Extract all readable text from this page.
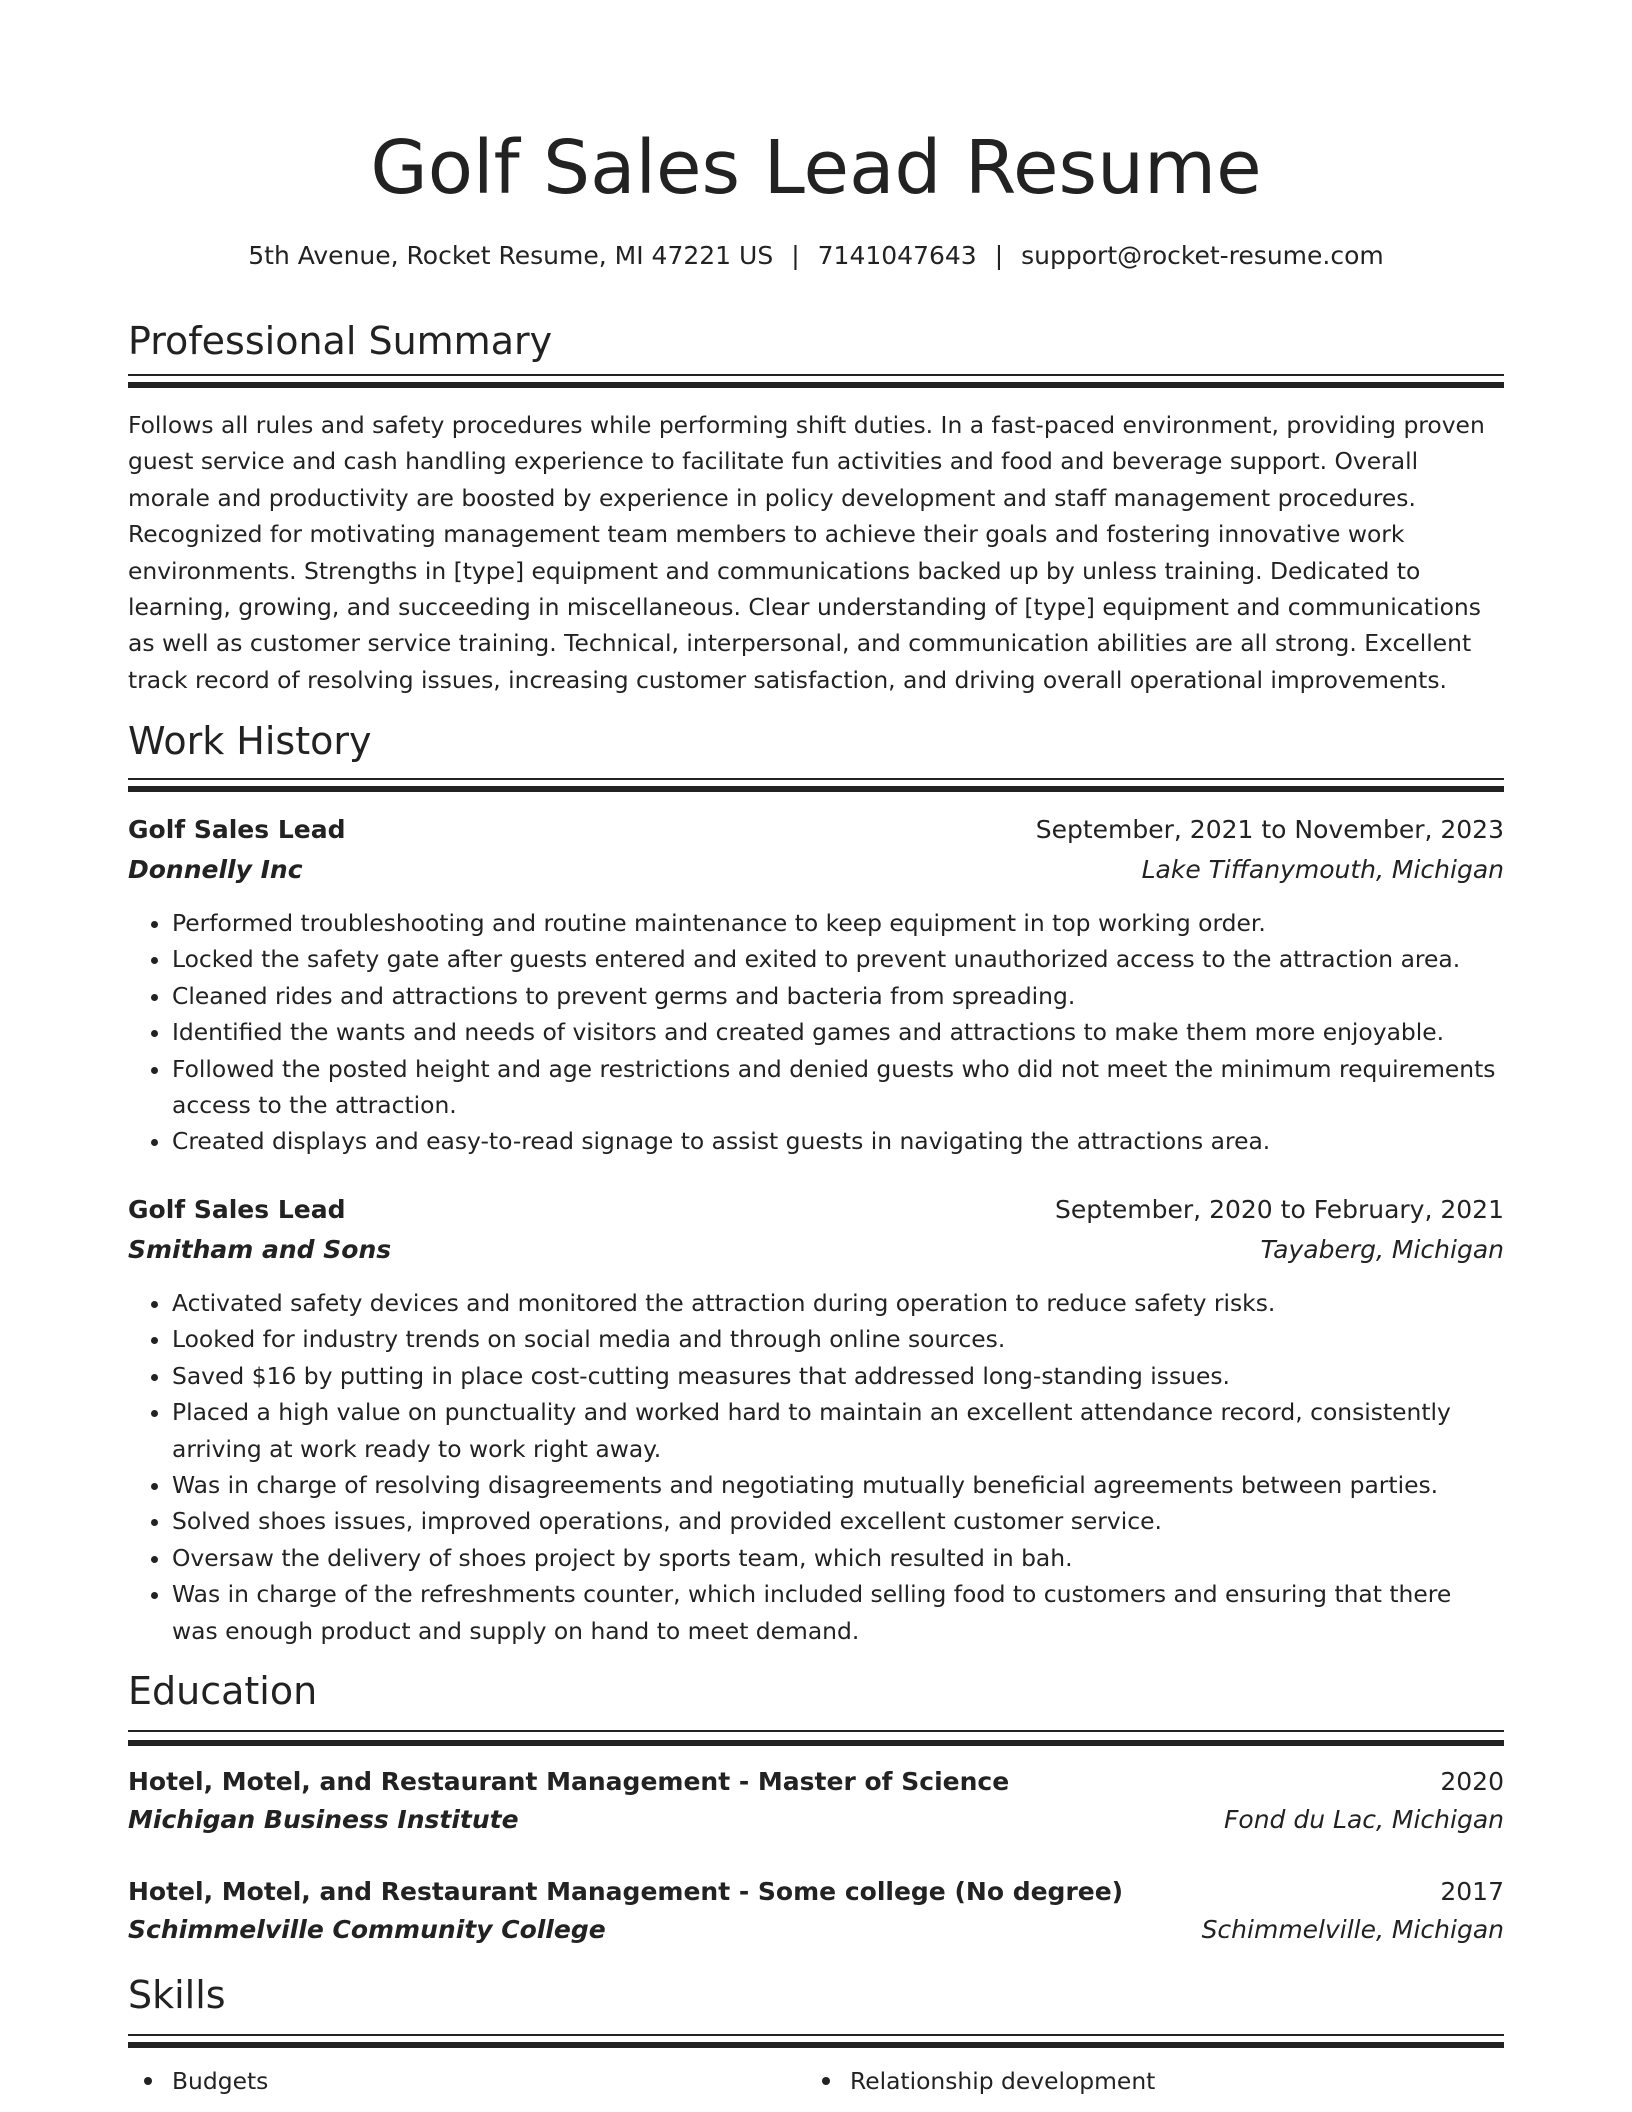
Golf Sales Lead Resume
5th Avenue, Rocket Resume, MI 47221 US | 7141047643 | support@rocket-resume.com
Professional Summary

Follows all rules and safety procedures while performing shift duties. In a fast-paced environment, providing proven guest service and cash handling experience to facilitate fun activities and food and beverage support. Overall morale and productivity are boosted by experience in policy development and staff management procedures. Recognized for motivating management team members to achieve their goals and fostering innovative work environments. Strengths in [type] equipment and communications backed up by unless training. Dedicated to learning, growing, and succeeding in miscellaneous. Clear understanding of [type] equipment and communications as well as customer service training. Technical, interpersonal, and communication abilities are all strong. Excellent track record of resolving issues, increasing customer satisfaction, and driving overall operational improvements.

Work History
Golf Sales Lead	September, 2021 to November, 2023
Donnelly Inc	Lake Tiffanymouth, Michigan
• Performed troubleshooting and routine maintenance to keep equipment in top working order.
• Locked the safety gate after guests entered and exited to prevent unauthorized access to the attraction area.
• Cleaned rides and attractions to prevent germs and bacteria from spreading.
• Identified the wants and needs of visitors and created games and attractions to make them more enjoyable.
• Followed the posted height and age restrictions and denied guests who did not meet the minimum requirements access to the attraction.
• Created displays and easy-to-read signage to assist guests in navigating the attractions area.
Golf Sales Lead	September, 2020 to February, 2021
Smitham and Sons	Tayaberg, Michigan
• Activated safety devices and monitored the attraction during operation to reduce safety risks.
• Looked for industry trends on social media and through online sources.
• Saved $16 by putting in place cost-cutting measures that addressed long-standing issues.
• Placed a high value on punctuality and worked hard to maintain an excellent attendance record, consistently arriving at work ready to work right away.
• Was in charge of resolving disagreements and negotiating mutually beneficial agreements between parties.
• Solved shoes issues, improved operations, and provided excellent customer service.
• Oversaw the delivery of shoes project by sports team, which resulted in bah.
• Was in charge of the refreshments counter, which included selling food to customers and ensuring that there was enough product and supply on hand to meet demand.
Education
Hotel, Motel, and Restaurant Management - Master of Science	2020
Michigan Business Institute	Fond du Lac, Michigan
Hotel, Motel, and Restaurant Management - Some college (No degree)	2017
Schimmelville Community College	Schimmelville, Michigan
Skills
Budgets	Relationship development
